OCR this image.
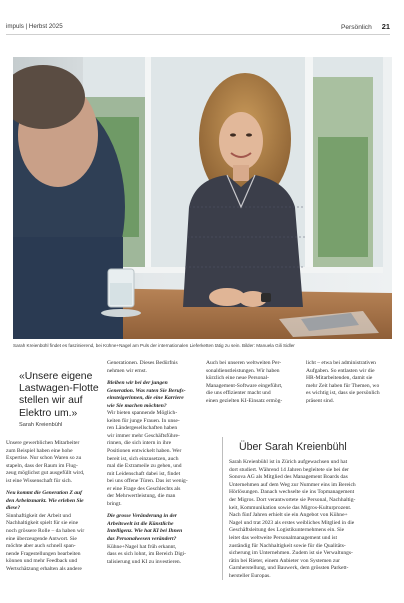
impuls | Herbst 2025	Persönlich 21
Sarah Kreienbühl findet es faszinierend, bei Kühne+Nagel am Puls der internationalen Lieferketten tätig zu sein. Bilder: Manuela Gili Sidler
«Unsere eigene Lastwagen-Flotte stellen wir auf Elektro um.»
Sarah Kreienbühl
Unsere gewerblichen Mitarbeiter
zum Beispiel haben eine hohe
Expertise. Nur schon Waren so zu
stapeln, dass der Raum im Flug-
zeug möglichst gut ausgefüllt wird,
ist eine Wissenschaft für sich.
Neu kommt die Generation Z auf
den Arbeitsmarkt. Wie erleben Sie
diese?
Sinnhaftigkeit der Arbeit und
Nachhaltigkeit spielt für sie eine
noch grössere Rolle – da haben wir
eine überzeugende Antwort. Sie
möchte aber auch schnell span-
nende Fragestellungen bearbeiten
können und mehr Feedback und
Wertschätzung erhalten als andere
Generationen. Dieses Bedürfnis
nehmen wir ernst.
Bleiben wir bei der jungen
Generation. Was raten Sie Berufs-
einsteigerinnen, die eine Karriere
wie Sie machen möchten?
Wir bieten spannende Möglich-
keiten für junge Frauen. In unse-
ren Ländergesellschaften haben
wir immer mehr Geschäftsführe-
rinnen, die sich intern in ihre
Positionen entwickelt haben. Wer
bereit ist, sich einzusetzen, auch
mal die Extrameile zu gehen, und
mit Leidenschaft dabei ist, findet
bei uns offene Türen. Das ist wenig-
er eine Frage des Geschlechts als
der Mehrwertleistung, die man
bringt.
Die grosse Veränderung in der
Arbeitswelt ist die Künstliche
Intelligenz. Wie hat KI bei Ihnen
das Personalwesen verändert?
Kühne+Nagel hat früh erkannt,
dass es sich lohnt, im Bereich Digi-
talisierung und KI zu investieren.
Auch bei unseren weltweiten Per-
sonaldienstleistungen. Wir haben
kürzlich eine neue Personal-
Management-Software eingeführt,
die uns effizienter macht und
einen gezielten KI-Einsatz ermög-
licht – etwa bei administrativen
Aufgaben. So entlasten wir die
HR-Mitarbeitenden, damit sie
mehr Zeit haben für Themen, wo
es wichtig ist, dass sie persönlich
präsent sind.
Über Sarah Kreienbühl
Sarah Kreienbühl ist in Zürich aufgewachsen und hat
dort studiert. Während 14 Jahren begleitete sie bei der
Sonova AG als Mitglied des Management Boards das
Unternehmen auf dem Weg zur Nummer eins im Bereich
Hörlösungen. Danach wechselte sie ins Topmanagement
der Migros. Dort verantwortete sie Personal, Nachhaltig-
keit, Kommunikation sowie das Migros-Kulturprozent.
Nach fünf Jahren erhielt sie ein Angebot von Kühne+
Nagel und trat 2023 als erstes weibliches Mitglied in die
Geschäftsleitung des Logistikunternehmens ein. Sie
leitet das weltweite Personalmanagement und ist
zuständig für Nachhaltigkeit sowie für die Qualitäts-
sicherung im Unternehmen. Zudem ist sie Verwaltungs-
rätin bei Rieter, einem Anbieter von Systemen zur
Garnherstellung, und Bauwerk, dem grössten Parkett-
hersteller Europas.
